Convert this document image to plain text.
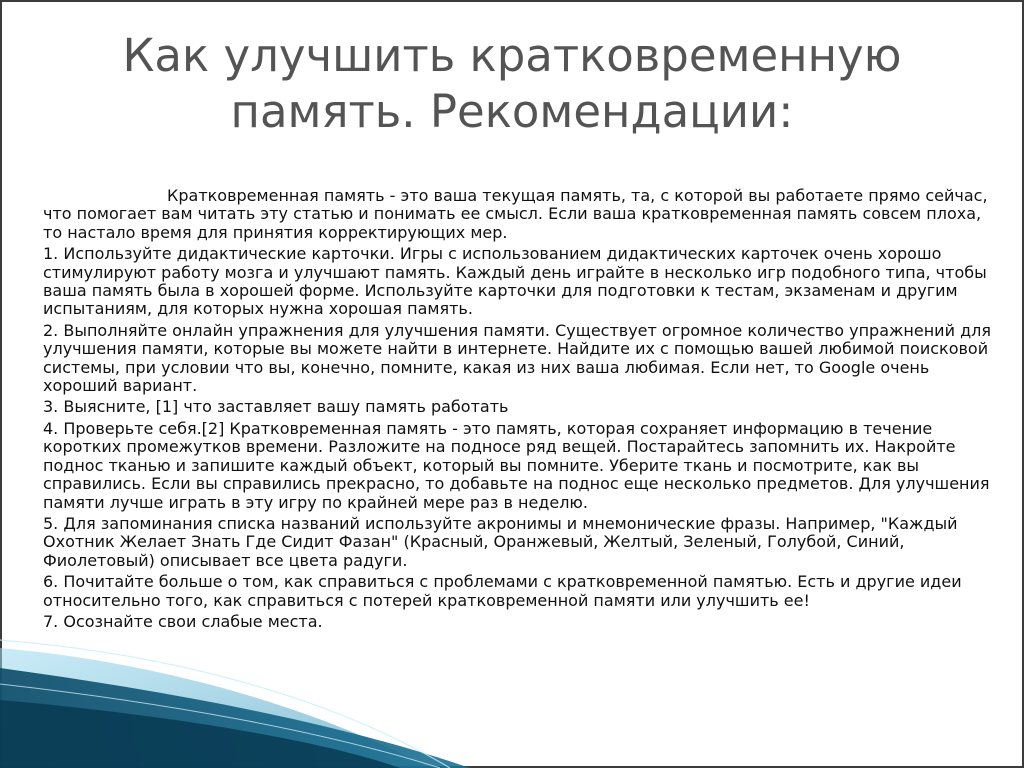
Как улучшить кратковременную
память. Рекомендации:

Кратковременная память - это ваша текущая память, та, с которой вы работаете прямо сейчас, что помогает вам читать эту статью и понимать ее смысл. Если ваша кратковременная память совсем плоха, то настало время для принятия корректирующих мер.

1. Используйте дидактические карточки. Игры с использованием дидактических карточек очень хорошо стимулируют работу мозга и улучшают память. Каждый день играйте в несколько игр подобного типа, чтобы ваша память была в хорошей форме. Используйте карточки для подготовки к тестам, экзаменам и другим испытаниям, для которых нужна хорошая память.

2. Выполняйте онлайн упражнения для улучшения памяти. Существует огромное количество упражнений для улучшения памяти, которые вы можете найти в интернете. Найдите их с помощью вашей любимой поисковой системы, при условии что вы, конечно, помните, какая из них ваша любимая. Если нет, то Google очень хороший вариант.

3. Выясните, [1] что заставляет вашу память работать

4. Проверьте себя.[2] Кратковременная память - это память, которая сохраняет информацию в течение коротких промежутков времени. Разложите на подносе ряд вещей. Постарайтесь запомнить их. Накройте поднос тканью и запишите каждый объект, который вы помните. Уберите ткань и посмотрите, как вы справились. Если вы справились прекрасно, то добавьте на поднос еще несколько предметов. Для улучшения памяти лучше играть в эту игру по крайней мере раз в неделю.

5. Для запоминания списка названий используйте акронимы и мнемонические фразы. Например, "Каждый Охотник Желает Знать Где Сидит Фазан" (Красный, Оранжевый, Желтый, Зеленый, Голубой, Синий, Фиолетовый) описывает все цвета радуги.

6. Почитайте больше о том, как справиться с проблемами с кратковременной памятью. Есть и другие идеи относительно того, как справиться с потерей кратковременной памяти или улучшить ее!

7. Осознайте свои слабые места.
